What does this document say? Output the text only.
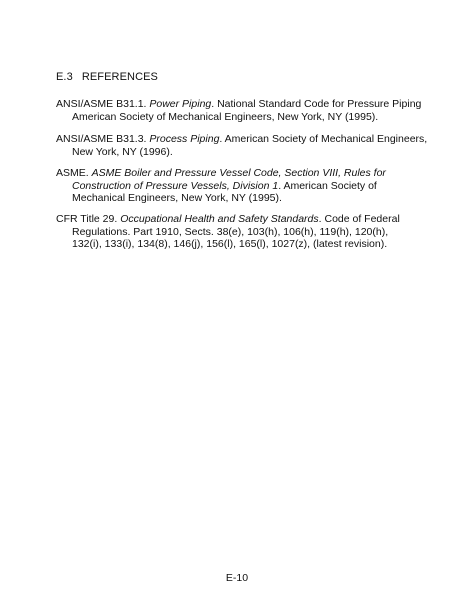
E.3 REFERENCES
ANSI/ASME B31.1. Power Piping. National Standard Code for Pressure Piping
American Society of Mechanical Engineers, New York, NY (1995).
ANSI/ASME B31.3. Process Piping. American Society of Mechanical Engineers,
New York, NY (1996).
ASME. ASME Boiler and Pressure Vessel Code, Section VIII, Rules for
Construction of Pressure Vessels, Division 1. American Society of
Mechanical Engineers, New York, NY (1995).
CFR Title 29. Occupational Health and Safety Standards. Code of Federal
Regulations. Part 1910, Sects. 38(e), 103(h), 106(h), 119(h), 120(h),
132(i), 133(i), 134(8), 146(j), 156(l), 165(l), 1027(z), (latest revision).
E-10
